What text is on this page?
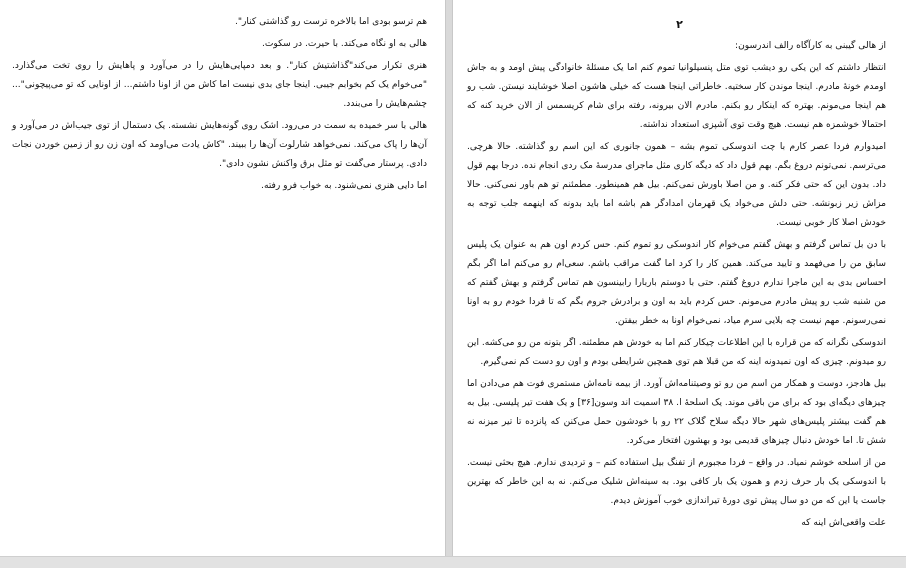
هم ترسو بودی اما بالاخره ترست رو گذاشتی کنار".

هالی به او نگاه می‌کند. با حیرت. در سکوت.

هنری تکرار می‌کند"گذاشتیش کنار". و بعد دمپایی‌هایش را در می‌آورد و پاهایش را روی تخت می‌گذارد. "می‌خوام یک کم بخوابم جیبی. اینجا جای بدی نیست اما کاش من از اونا داشتم... از اونایی که تو می‌پیچونی"... چشم‌هایش را می‌بندد.

هالی با سر خمیده به سمت در می‌رود. اشک روی گونه‌هایش نشسته. یک دستمال از توی جیب‌اش در می‌آورد و آن‌ها را پاک می‌کند. نمی‌خواهد شارلوت آن‌ها را ببیند. "کاش یادت می‌اومد که اون زن رو از زمین خوردن نجات دادی. پرستار می‌گفت تو مثل برق واکنش نشون دادی".

اما دایی هنری نمی‌شنود. به خواب فرو رفته.

۲

از هالی گیبنی به کارآگاه رالف اندرسون:

انتظار داشتم که این یکی رو دیشب توی متل پنسیلوانیا تموم کنم اما یک مسئله‌ٔ خانوادگی پیش اومد و به جاش اومدم خونهٔ مادرم. اینجا موندن کار سختیه. خاطراتی اینجا هست که خیلی هاشون اصلا خوشایند نیستن. شب رو هم اینجا می‌مونم. بهتره که اینکار رو بکنم. مادرم الان بیرونه، رفته برای شام کریسمس از الان خرید کنه که احتمالا خوشمزه هم نیست. هیچ وقت توی آشپزی استعداد نداشته.

امیدوارم فردا عصر کارم با چت اندوسکی تموم بشه – همون جانوری که این اسم رو گذاشته. حالا هرچی. می‌ترسم. نمی‌تونم دروغ بگم. بهم قول داد که دیگه کاری مثل ماجرای مدرسهٔ مک ردی انجام نده. درجا بهم قول داد. بدون این که حتی فکر کنه. و من اصلا باورش نمی‌کنم. بیل هم همینطور. مطمئنم تو هم باور نمی‌کنی. حالا مزاش زیر زبونشه. حتی دلش می‌خواد یک قهرمان امدادگر هم باشه اما باید بدونه که اینهمه جلب توجه به خودش اصلا کار خوبی نیست.

با دن بل تماس گرفتم و بهش گفتم می‌خوام کار اندوسکی رو تموم کنم. حس کردم اون هم به عنوان یک پلیس سابق من را می‌فهمد و تایید می‌کند. همین کار را کرد اما گفت مراقب باشم. سعی‌ام رو می‌کنم اما اگر بگم احساس بدی به این ماجرا ندارم دروغ گفتم. حتی با دوستم باربارا رابینسون هم تماس گرفتم و بهش گفتم که من شنبه شب رو پیش مادرم می‌مونم. حس کردم باید به اون و برادرش جروم بگم که تا فردا خودم رو به اونا نمی‌رسونم. مهم نیست چه بلایی سرم میاد، نمی‌خوام اونا به خطر بیفتن.

اندوسکی نگرانه که من قراره با این اطلاعات چیکار کنم اما به خودش هم مطمئنه. اگر بتونه من رو می‌کشه. این رو میدونم. چیزی که اون نمیدونه اینه که من قبلا هم توی همچین شرایطی بودم و اون رو دست کم نمی‌گیرم.

بیل هادجز، دوست و همکار من اسم من رو تو وصیتنامه‌اش آورد. از بیمه نامه‌اش مستمری فوت هم می‌دادن اما چیزهای دیگه‌ای بود که برای من باقی موند. یک اسلحهٔ ا. ۳۸ اسمیت اند وسون[۳۶] و یک هفت تیر پلیسی. بیل به هم گفت بیشتر پلیس‌های شهر حالا دیگه سلاح گلاک ۲۲ رو با خودشون حمل می‌کنن که پانزده تا تیر میزنه نه شش تا. اما خودش دنبال چیزهای قدیمی بود و بهشون افتخار می‌کرد.

من از اسلحه خوشم نمیاد. در واقع – فردا مجبورم از تفنگ بیل استفاده کنم – و تردیدی ندارم. هیچ بحثی نیست. با اندوسکی یک بار حرف زدم و همون یک بار کافی بود. به سینه‌اش شلیک می‌کنم. نه به این خاطر که بهترین جاست یا این که من دو سال پیش توی دورهٔ تیراندازی خوب آموزش دیدم.

علت واقعی‌اش اینه که
